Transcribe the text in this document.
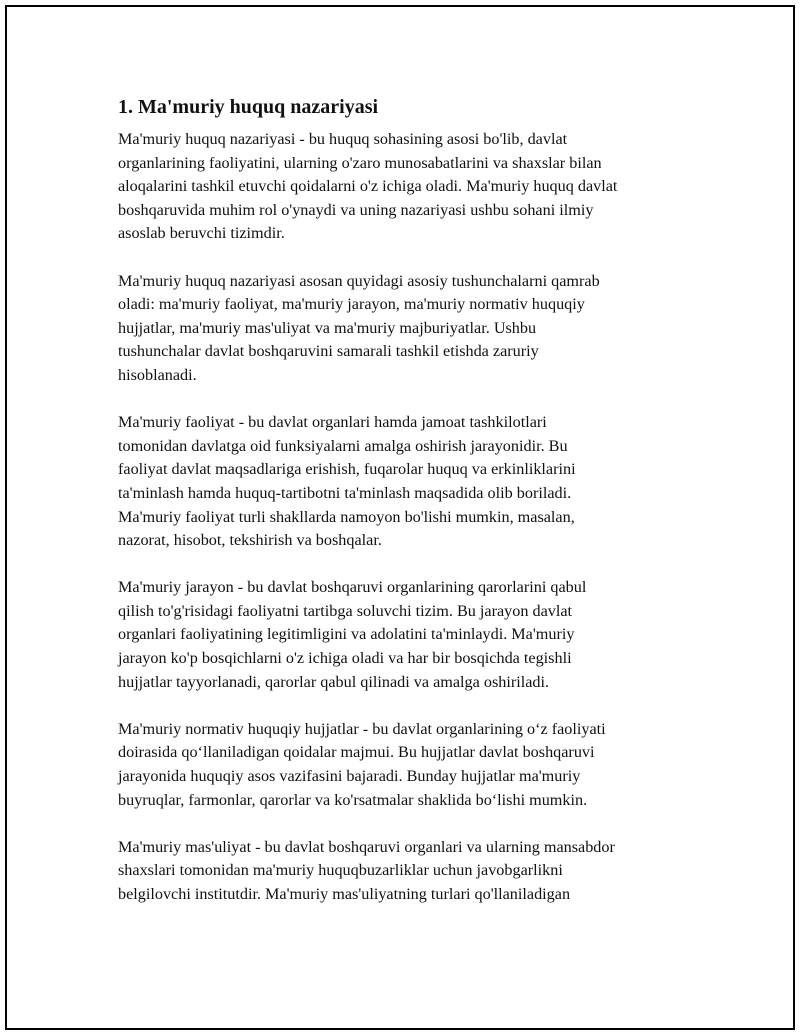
1. Ma'muriy huquq nazariyasi

Ma'muriy huquq nazariyasi - bu huquq sohasining asosi bo'lib, davlat
organlarining faoliyatini, ularning o'zaro munosabatlarini va shaxslar bilan
aloqalarini tashkil etuvchi qoidalarni o'z ichiga oladi. Ma'muriy huquq davlat
boshqaruvida muhim rol o'ynaydi va uning nazariyasi ushbu sohani ilmiy
asoslab beruvchi tizimdir.

Ma'muriy huquq nazariyasi asosan quyidagi asosiy tushunchalarni qamrab
oladi: ma'muriy faoliyat, ma'muriy jarayon, ma'muriy normativ huquqiy
hujjatlar, ma'muriy mas'uliyat va ma'muriy majburiyatlar. Ushbu
tushunchalar davlat boshqaruvini samarali tashkil etishda zaruriy
hisoblanadi.

Ma'muriy faoliyat - bu davlat organlari hamda jamoat tashkilotlari
tomonidan davlatga oid funksiyalarni amalga oshirish jarayonidir. Bu
faoliyat davlat maqsadlariga erishish, fuqarolar huquq va erkinliklarini
ta'minlash hamda huquq-tartibotni ta'minlash maqsadida olib boriladi.
Ma'muriy faoliyat turli shakllarda namoyon bo'lishi mumkin, masalan,
nazorat, hisobot, tekshirish va boshqalar.

Ma'muriy jarayon - bu davlat boshqaruvi organlarining qarorlarini qabul
qilish to'g'risidagi faoliyatni tartibga soluvchi tizim. Bu jarayon davlat
organlari faoliyatining legitimligini va adolatini ta'minlaydi. Ma'muriy
jarayon ko'p bosqichlarni o'z ichiga oladi va har bir bosqichda tegishli
hujjatlar tayyorlanadi, qarorlar qabul qilinadi va amalga oshiriladi.

Ma'muriy normativ huquqiy hujjatlar - bu davlat organlarining o‘z faoliyati
doirasida qo‘llaniladigan qoidalar majmui. Bu hujjatlar davlat boshqaruvi
jarayonida huquqiy asos vazifasini bajaradi. Bunday hujjatlar ma'muriy
buyruqlar, farmonlar, qarorlar va ko'rsatmalar shaklida bo‘lishi mumkin.

Ma'muriy mas'uliyat - bu davlat boshqaruvi organlari va ularning mansabdor
shaxslari tomonidan ma'muriy huquqbuzarliklar uchun javobgarlikni
belgilovchi institutdir. Ma'muriy mas'uliyatning turlari qo'llaniladigan
